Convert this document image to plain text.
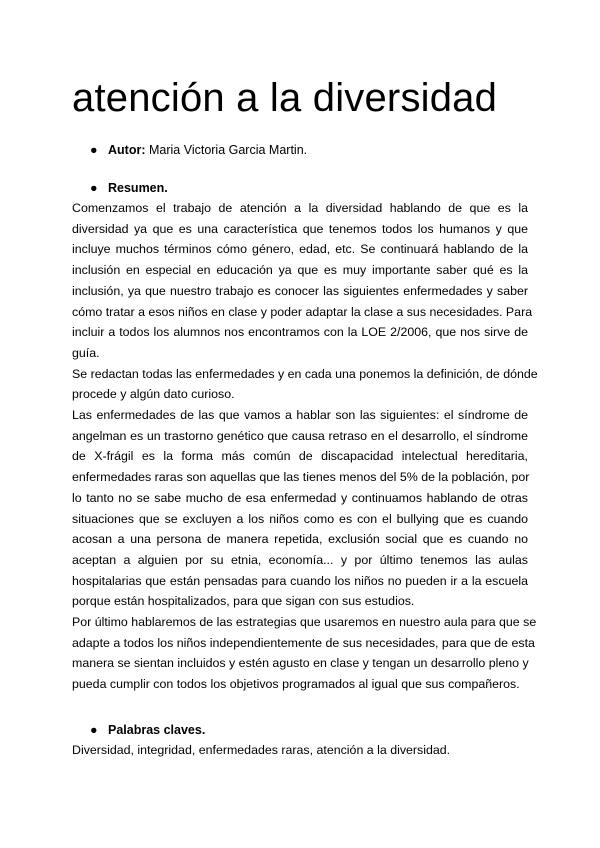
atención a la diversidad
● Autor: Maria Victoria Garcia Martin.
● Resumen.
Comenzamos el trabajo de atención a la diversidad hablando de que es la
diversidad ya que es una característica que tenemos todos los humanos y que
incluye muchos términos cómo género, edad, etc. Se continuará hablando de la
inclusión en especial en educación ya que es muy importante saber qué es la
inclusión, ya que nuestro trabajo es conocer las siguientes enfermedades y saber
cómo tratar a esos niños en clase y poder adaptar la clase a sus necesidades. Para
incluir a todos los alumnos nos encontramos con la LOE 2/2006, que nos sirve de
guía.
Se redactan todas las enfermedades y en cada una ponemos la definición, de dónde
procede y algún dato curioso.
Las enfermedades de las que vamos a hablar son las siguientes: el síndrome de
angelman es un trastorno genético que causa retraso en el desarrollo, el síndrome
de X-frágil es la forma más común de discapacidad intelectual hereditaria,
enfermedades raras son aquellas que las tienes menos del 5% de la población, por
lo tanto no se sabe mucho de esa enfermedad y continuamos hablando de otras
situaciones que se excluyen a los niños como es con el bullying que es cuando
acosan a una persona de manera repetida, exclusión social que es cuando no
aceptan a alguien por su etnia, economía... y por último tenemos las aulas
hospitalarias que están pensadas para cuando los niños no pueden ir a la escuela
porque están hospitalizados, para que sigan con sus estudios.
Por último hablaremos de las estrategias que usaremos en nuestro aula para que se
adapte a todos los niños independientemente de sus necesidades, para que de esta
manera se sientan incluidos y estén agusto en clase y tengan un desarrollo pleno y
pueda cumplir con todos los objetivos programados al igual que sus compañeros.
● Palabras claves.
Diversidad, integridad, enfermedades raras, atención a la diversidad.
